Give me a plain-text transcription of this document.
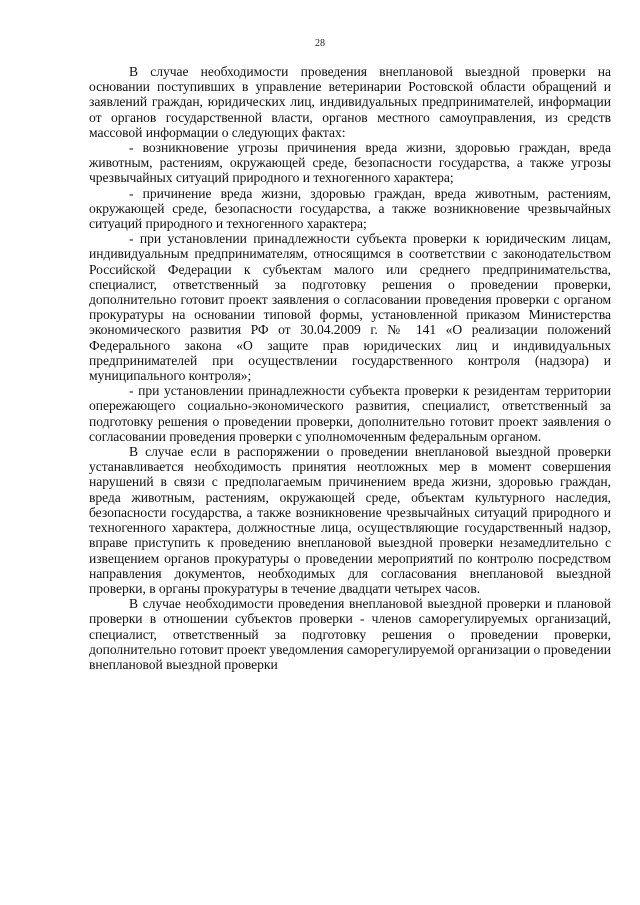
28

В случае необходимости проведения внеплановой выездной проверки на основании поступивших в управление ветеринарии Ростовской области обращений и заявлений граждан, юридических лиц, индивидуальных предпринимателей, информации от органов государственной власти, органов местного самоуправления, из средств массовой информации о следующих фактах:

- возникновение угрозы причинения вреда жизни, здоровью граждан, вреда животным, растениям, окружающей среде, безопасности государства, а также угрозы чрезвычайных ситуаций природного и техногенного характера;

- причинение вреда жизни, здоровью граждан, вреда животным, растениям, окружающей среде, безопасности государства, а также возникновение чрезвычайных ситуаций природного и техногенного характера;

- при установлении принадлежности субъекта проверки к юридическим лицам, индивидуальным предпринимателям, относящимся в соответствии с законодательством Российской Федерации к субъектам малого или среднего предпринимательства, специалист, ответственный за подготовку решения о проведении проверки, дополнительно готовит проект заявления о согласовании проведения проверки с органом прокуратуры на основании типовой формы, установленной приказом Министерства экономического развития РФ от 30.04.2009 г. № 141 «О реализации положений Федерального закона «О защите прав юридических лиц и индивидуальных предпринимателей при осуществлении государственного контроля (надзора) и муниципального контроля»;

- при установлении принадлежности субъекта проверки к резидентам территории опережающего социально-экономического развития, специалист, ответственный за подготовку решения о проведении проверки, дополнительно готовит проект заявления о согласовании проведения проверки с уполномоченным федеральным органом.

В случае если в распоряжении о проведении внеплановой выездной проверки устанавливается необходимость принятия неотложных мер в момент совершения нарушений в связи с предполагаемым причинением вреда жизни, здоровью граждан, вреда животным, растениям, окружающей среде, объектам культурного наследия, безопасности государства, а также возникновение чрезвычайных ситуаций природного и техногенного характера, должностные лица, осуществляющие государственный надзор, вправе приступить к проведению внеплановой выездной проверки незамедлительно с извещением органов прокуратуры о проведении мероприятий по контролю посредством направления документов, необходимых для согласования внеплановой выездной проверки, в органы прокуратуры в течение двадцати четырех часов.

В случае необходимости проведения внеплановой выездной проверки и плановой проверки в отношении субъектов проверки - членов саморегулируемых организаций, специалист, ответственный за подготовку решения о проведении проверки, дополнительно готовит проект уведомления саморегулируемой организации о проведении внеплановой выездной проверки
